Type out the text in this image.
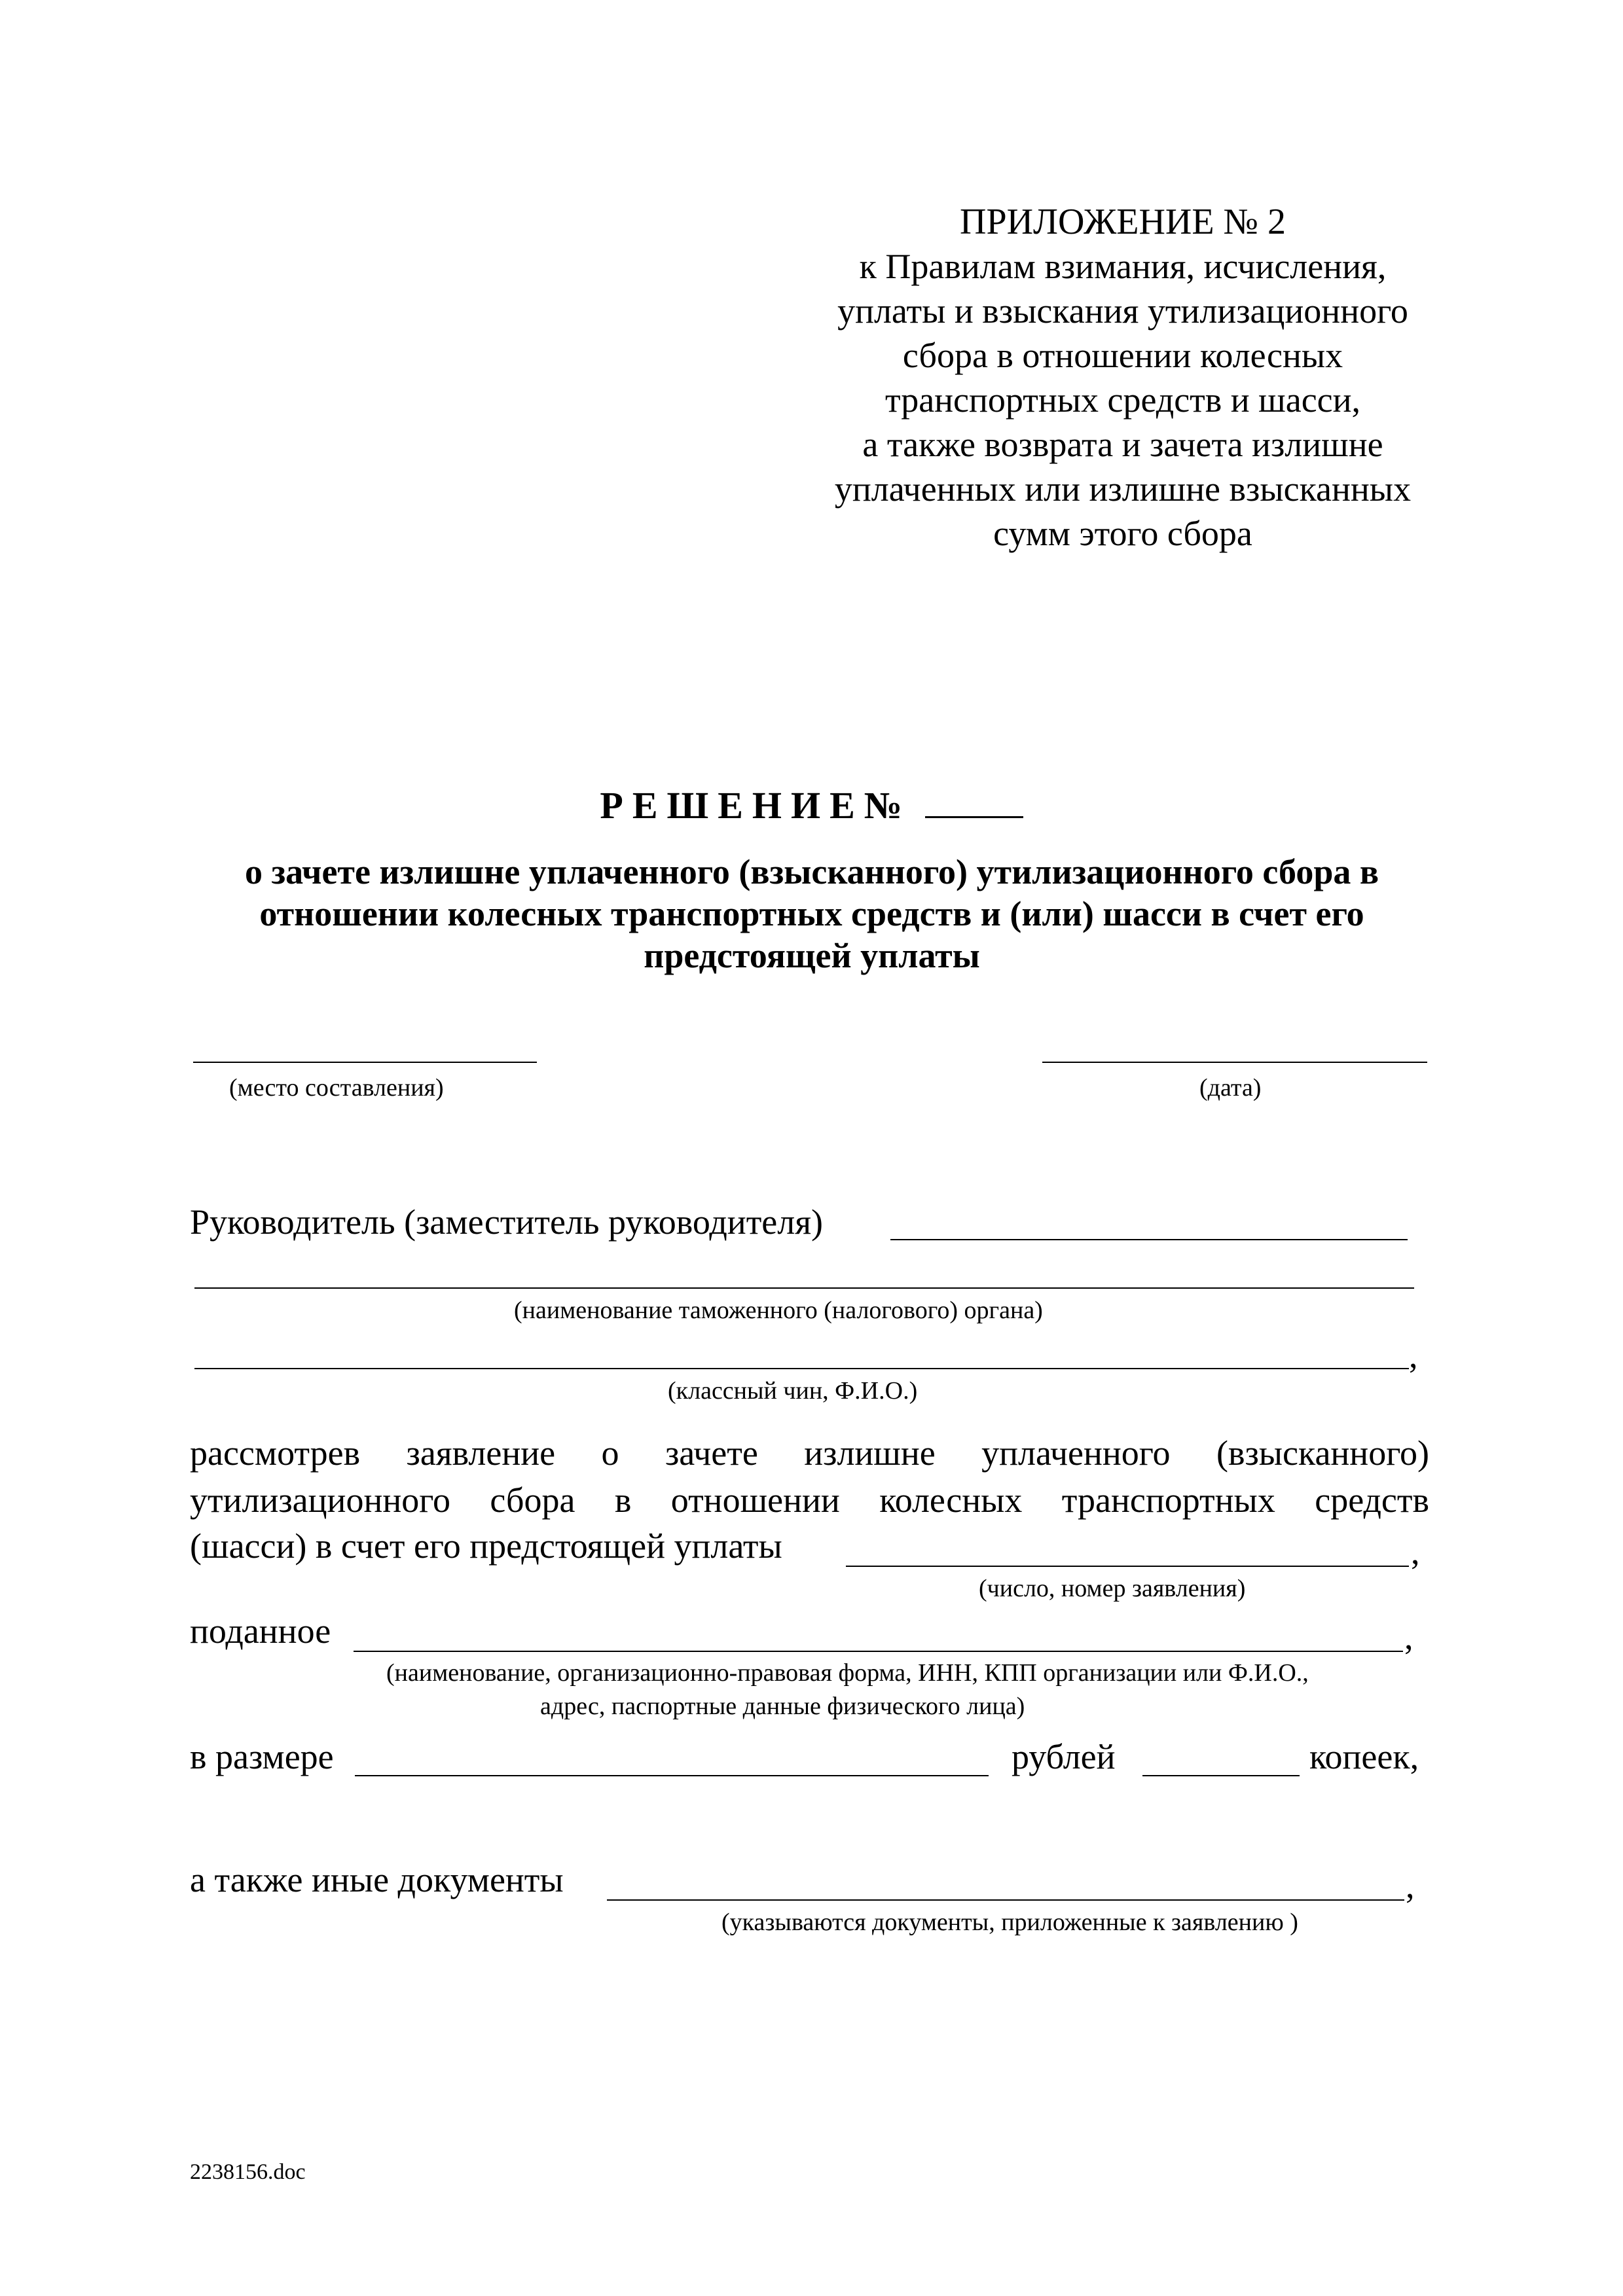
ПРИЛОЖЕНИЕ № 2
к Правилам взимания, исчисления,
уплаты и взыскания утилизационного
сбора в отношении колесных
транспортных средств и шасси,
а также возврата и зачета излишне
уплаченных или излишне взысканных
сумм этого сбора
РЕШЕНИЕ№
о зачете излишне уплаченного (взысканного) утилизационного сбора в
отношении колесных транспортных средств и (или) шасси в счет его
предстоящей уплаты
(место составления)	(дата)
Руководитель (заместитель руководителя)
(наименование таможенного (налогового) органа)
,
(классный чин, Ф.И.О.)
рассмотрев заявление о зачете излишне уплаченного (взысканного)
утилизационного сбора в отношении колесных транспортных средств
(шасси) в счет его предстоящей уплаты	,
(число, номер заявления)
поданное	,
(наименование, организационно-правовая форма, ИНН, КПП организации или Ф.И.О.,
адрес, паспортные данные физического лица)
в размере	рублей	копеек,
а также иные документы	,
(указываются документы, приложенные к заявлению )
2238156.doc
